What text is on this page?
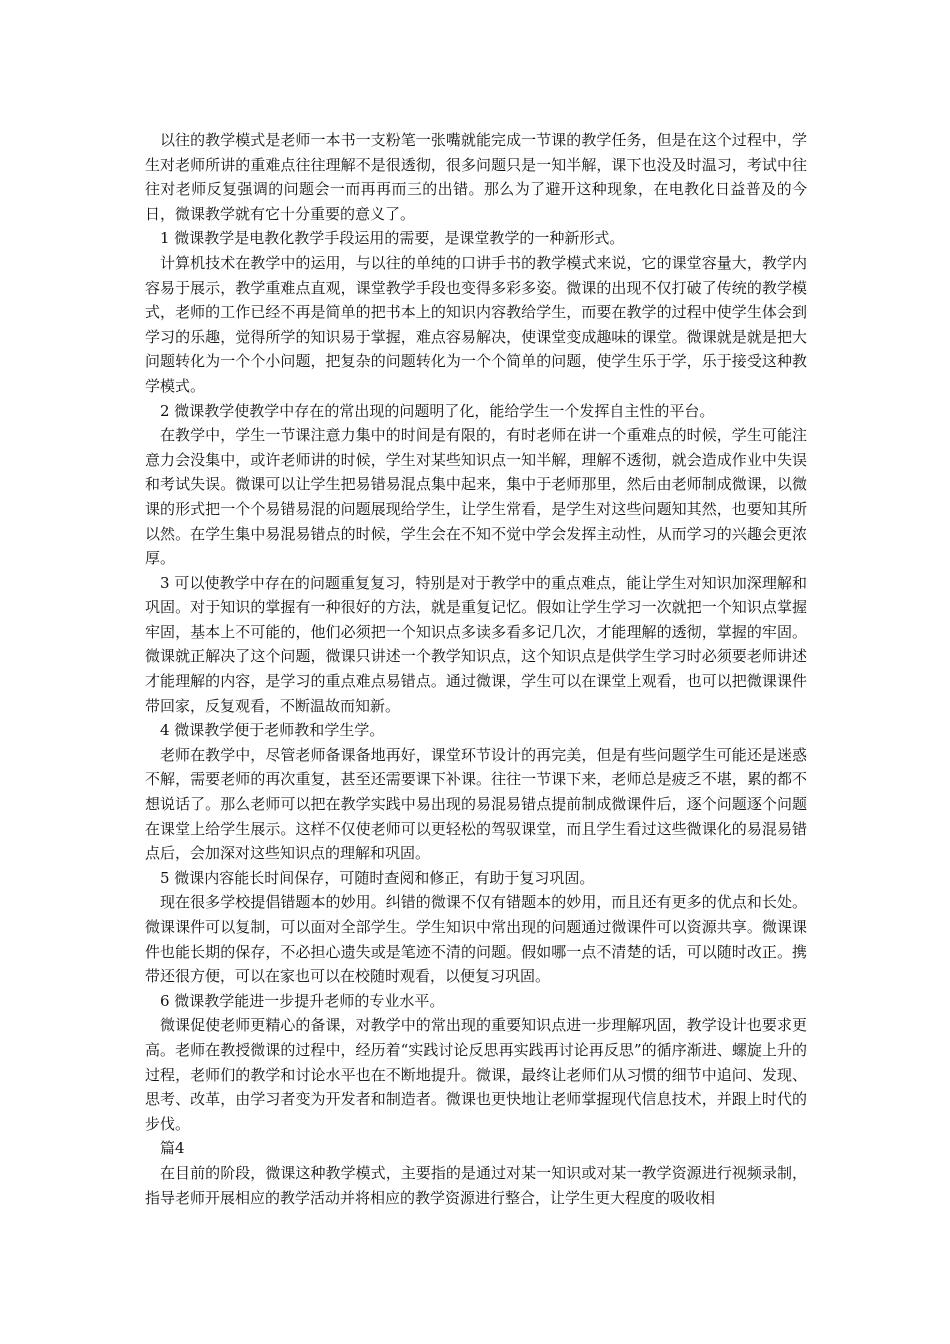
以往的教学模式是老师一本书一支粉笔一张嘴就能完成一节课的教学任务，但是在这个过程中，学生对老师所讲的重难点往往理解不是很透彻，很多问题只是一知半解，课下也没及时温习，考试中往往对老师反复强调的问题会一而再再而三的出错。那么为了避开这种现象，在电教化日益普及的今日，微课教学就有它十分重要的意义了。

1 微课教学是电教化教学手段运用的需要，是课堂教学的一种新形式。

计算机技术在教学中的运用，与以往的单纯的口讲手书的教学模式来说，它的课堂容量大，教学内容易于展示，教学重难点直观，课堂教学手段也变得多彩多姿。微课的出现不仅打破了传统的教学模式，老师的工作已经不再是简单的把书本上的知识内容教给学生，而要在教学的过程中使学生体会到学习的乐趣，觉得所学的知识易于掌握，难点容易解决，使课堂变成趣味的课堂。微课就是就是把大问题转化为一个个小问题，把复杂的问题转化为一个个简单的问题，使学生乐于学，乐于接受这种教学模式。

2 微课教学使教学中存在的常出现的问题明了化，能给学生一个发挥自主性的平台。

在教学中，学生一节课注意力集中的时间是有限的，有时老师在讲一个重难点的时候，学生可能注意力会没集中，或许老师讲的时候，学生对某些知识点一知半解，理解不透彻，就会造成作业中失误和考试失误。微课可以让学生把易错易混点集中起来，集中于老师那里，然后由老师制成微课，以微课的形式把一个个易错易混的问题展现给学生，让学生常看，是学生对这些问题知其然，也要知其所以然。在学生集中易混易错点的时候，学生会在不知不觉中学会发挥主动性，从而学习的兴趣会更浓厚。

3 可以使教学中存在的问题重复复习，特别是对于教学中的重点难点，能让学生对知识加深理解和巩固。对于知识的掌握有一种很好的方法，就是重复记忆。假如让学生学习一次就把一个知识点掌握牢固，基本上不可能的，他们必须把一个知识点多读多看多记几次，才能理解的透彻，掌握的牢固。微课就正解决了这个问题，微课只讲述一个教学知识点，这个知识点是供学生学习时必须要老师讲述才能理解的内容，是学习的重点难点易错点。通过微课，学生可以在课堂上观看，也可以把微课课件带回家，反复观看，不断温故而知新。

4 微课教学便于老师教和学生学。

老师在教学中，尽管老师备课备地再好，课堂环节设计的再完美，但是有些问题学生可能还是迷惑不解，需要老师的再次重复，甚至还需要课下补课。往往一节课下来，老师总是疲乏不堪，累的都不想说话了。那么老师可以把在教学实践中易出现的易混易错点提前制成微课件后，逐个问题逐个问题在课堂上给学生展示。这样不仅使老师可以更轻松的驾驭课堂，而且学生看过这些微课化的易混易错点后，会加深对这些知识点的理解和巩固。

5 微课内容能长时间保存，可随时查阅和修正，有助于复习巩固。

现在很多学校提倡错题本的妙用。纠错的微课不仅有错题本的妙用，而且还有更多的优点和长处。微课课件可以复制，可以面对全部学生。学生知识中常出现的问题通过微课件可以资源共享。微课课件也能长期的保存，不必担心遗失或是笔迹不清的问题。假如哪一点不清楚的话，可以随时改正。携带还很方便，可以在家也可以在校随时观看，以便复习巩固。

6 微课教学能进一步提升老师的专业水平。

微课促使老师更精心的备课，对教学中的常出现的重要知识点进一步理解巩固，教学设计也要求更高。老师在教授微课的过程中，经历着“实践讨论反思再实践再讨论再反思”的循序渐进、螺旋上升的过程，老师们的教学和讨论水平也在不断地提升。微课，最终让老师们从习惯的细节中追问、发现、思考、改革，由学习者变为开发者和制造者。微课也更快地让老师掌握现代信息技术，并跟上时代的步伐。

篇4

在目前的阶段，微课这种教学模式，主要指的是通过对某一知识或对某一教学资源进行视频录制，指导老师开展相应的教学活动并将相应的教学资源进行整合，让学生更大程度的吸收相
